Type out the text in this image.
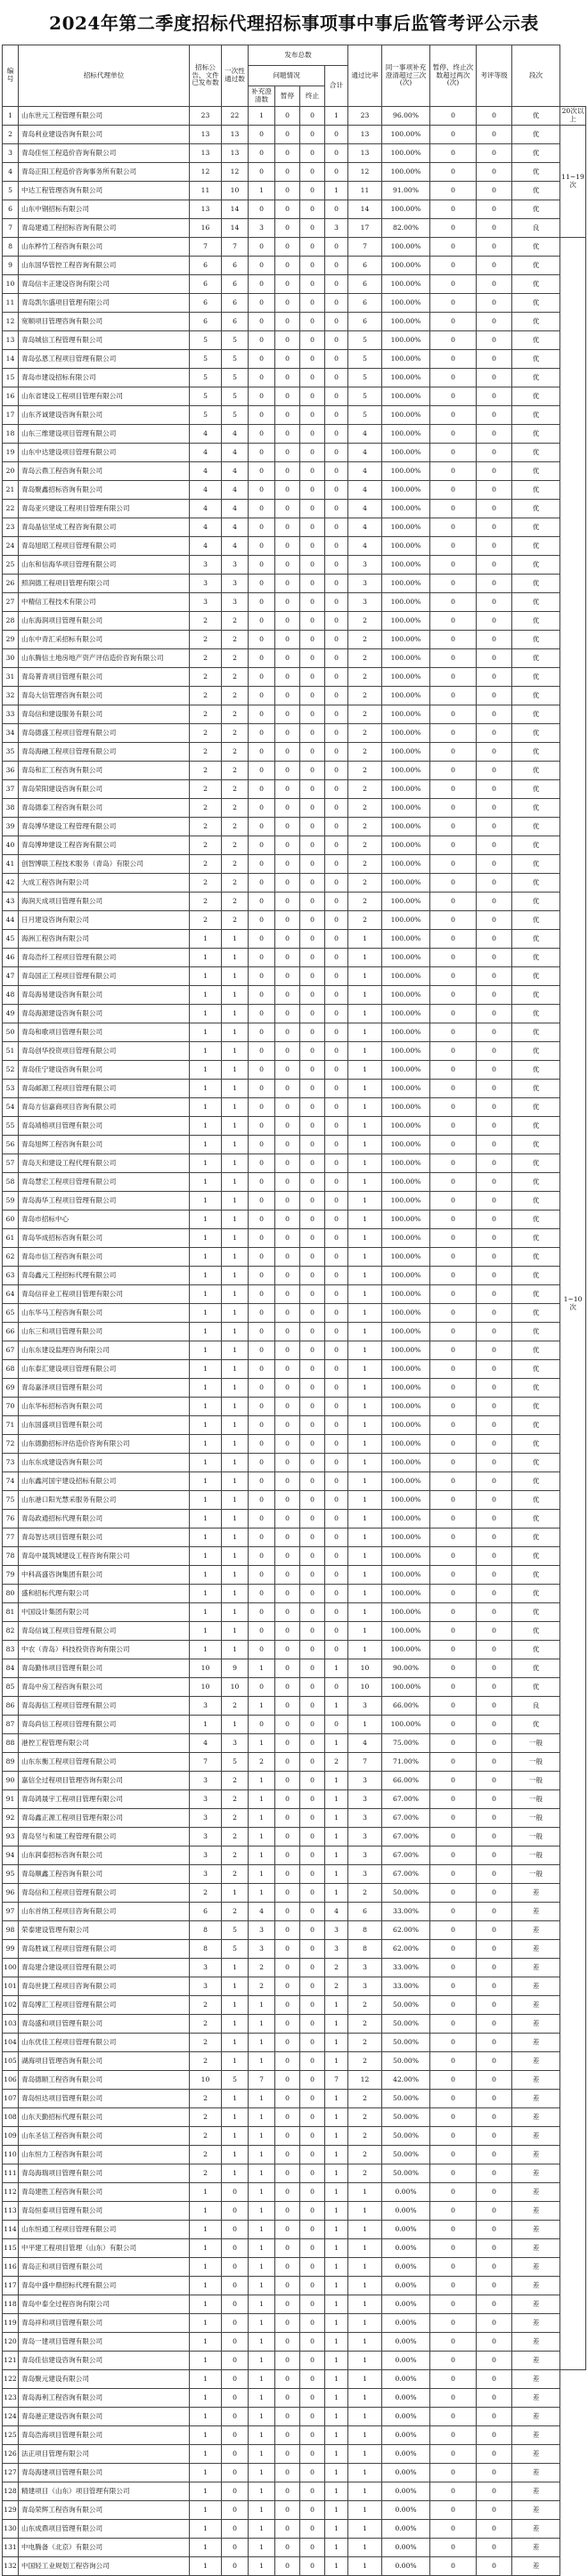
2024年第二季度招标代理招标事项事中事后监管考评公示表
编号	招标代理单位	招标公告、文件已发布数	一次性通过数	发布总数				通过比率	同一事项补充澄清超过三次(次)	暂停、终止次数超过两次(次)	考评等级	段次	
				问题情况			合计						
				补充澄清数	暂停	终止							
1	山东世元工程管理有限公司	23	22	1	0	0	1	23	96.00%	0	0	优	20次以上
2	青岛利业建设咨询有限公司	13	13	0	0	0	0	13	100.00%	0	0	优	11~19次
3	青岛佳恒工程造价咨询有限公司	13	13	0	0	0	0	13	100.00%	0	0	优	
4	青岛正阳工程造价咨询事务所有限公司	12	12	0	0	0	0	12	100.00%	0	0	优	
5	中达工程管理咨询有限公司	11	10	1	0	0	1	11	91.00%	0	0	优	
6	山东中钢招标有限公司	13	14	0	0	0	0	14	100.00%	0	0	优	
7	青岛建通工程招标咨询有限公司	16	14	3	0	0	3	17	82.00%	0	0	良	
8	山东桦竹工程咨询有限公司	7	7	0	0	0	0	7	100.00%	0	0	优	1~10次
9	山东国华管控工程咨询有限公司	6	6	0	0	0	0	6	100.00%	0	0	优	
10	青岛信丰正建设咨询有限公司	6	6	0	0	0	0	6	100.00%	0	0	优	
11	青岛凯尔盛项目管理有限公司	6	6	0	0	0	0	6	100.00%	0	0	优	
12	宽顺项目管理咨询有限公司	6	6	0	0	0	0	6	100.00%	0	0	优	
13	青岛城信工程管理有限公司	5	5	0	0	0	0	5	100.00%	0	0	优	
14	青岛弘恩工程项目管理有限公司	5	5	0	0	0	0	5	100.00%	0	0	优	
15	青岛市建设招标有限公司	5	5	0	0	0	0	5	100.00%	0	0	优	
16	山东省建设工程项目管理有限公司	5	5	0	0	0	0	5	100.00%	0	0	优	
17	山东齐诚建设咨询有限公司	5	5	0	0	0	0	5	100.00%	0	0	优	
18	山东三维建设项目管理有限公司	4	4	0	0	0	0	4	100.00%	0	0	优	
19	山东中达建设项目管理有限公司	4	4	0	0	0	0	4	100.00%	0	0	优	
20	青岛云鼎工程咨询有限公司	4	4	0	0	0	0	4	100.00%	0	0	优	
21	青岛聚鑫招标咨询有限公司	4	4	0	0	0	0	4	100.00%	0	0	优	
22	青岛亚兴建设工程项目管理有限公司	4	4	0	0	0	0	4	100.00%	0	0	优	
23	青岛晶信坚成工程咨询有限公司	4	4	0	0	0	0	4	100.00%	0	0	优	
24	青岛旭昭工程项目管理有限公司	4	4	0	0	0	0	4	100.00%	0	0	优	
25	山东和信海华项目管理有限公司	3	3	0	0	0	0	3	100.00%	0	0	优	
26	照润德工程项目管理有限公司	3	3	0	0	0	0	3	100.00%	0	0	优	
27	中精信工程技术有限公司	3	3	0	0	0	0	3	100.00%	0	0	优	
28	山东海润项目管理有限公司	2	2	0	0	0	0	2	100.00%	0	0	优	
29	山东中青汇采招标有限公司	2	2	0	0	0	0	2	100.00%	0	0	优	
30	山东腾信土地房地产资产评估造价咨询有限公司	2	2	0	0	0	0	2	100.00%	0	0	优	
31	青岛菁青项目管理有限公司	2	2	0	0	0	0	2	100.00%	0	0	优	
32	青岛大信管理咨询有限公司	2	2	0	0	0	0	2	100.00%	0	0	优	
33	青岛信和建设服务有限公司	2	2	0	0	0	0	2	100.00%	0	0	优	
34	青岛德盛工程项目管理有限公司	2	2	0	0	0	0	2	100.00%	0	0	优	
35	青岛海融工程项目管理有限公司	2	2	0	0	0	0	2	100.00%	0	0	优	
36	青岛和汇工程咨询有限公司	2	2	0	0	0	0	2	100.00%	0	0	优	
37	青岛荣阳建设咨询有限公司	2	2	0	0	0	0	2	100.00%	0	0	优	
38	青岛德泰工程咨询有限公司	2	2	0	0	0	0	2	100.00%	0	0	优	
39	青岛博华建设工程管理有限公司	2	2	0	0	0	0	2	100.00%	0	0	优	
40	青岛博坤建设工程咨询有限公司	2	2	0	0	0	0	2	100.00%	0	0	优	
41	创智博联工程技术服务（青岛）有限公司	2	2	0	0	0	0	2	100.00%	0	0	优	
42	大成工程咨询有限公司	2	2	0	0	0	0	2	100.00%	0	0	优	
43	海润天成项目管理有限公司	2	2	0	0	0	0	2	100.00%	0	0	优	
44	日月建设咨询有限公司	2	2	0	0	0	0	2	100.00%	0	0	优	
45	海洲工程咨询有限公司	1	1	0	0	0	0	1	100.00%	0	0	优	
46	青岛浩纤工程项目管理有限公司	1	1	0	0	0	0	1	100.00%	0	0	优	
47	青岛国正工程项目管理有限公司	1	1	0	0	0	0	1	100.00%	0	0	优	
48	青岛海易建设咨询有限公司	1	1	0	0	0	0	1	100.00%	0	0	优	
49	青岛海源建设咨询有限公司	1	1	0	0	0	0	1	100.00%	0	0	优	
50	青岛和歌项目管理有限公司	1	1	0	0	0	0	1	100.00%	0	0	优	
51	青岛创华投资项目管理有限公司	1	1	0	0	0	0	1	100.00%	0	0	优	
52	青岛佳宁建设咨询有限公司	1	1	0	0	0	0	1	100.00%	0	0	优	
53	青岛邮源工程项目管理有限公司	1	1	0	0	0	0	1	100.00%	0	0	优	
54	青岛方信嘉商项目咨询有限公司	1	1	0	0	0	0	1	100.00%	0	0	优	
55	青岛靖榕项目管理有限公司	1	1	0	0	0	0	1	100.00%	0	0	优	
56	青岛旭辉工程咨询有限公司	1	1	0	0	0	0	1	100.00%	0	0	优	
57	青岛天和建设工程代理有限公司	1	1	0	0	0	0	1	100.00%	0	0	优	
58	青岛慧宏工程项目管理有限公司	1	1	0	0	0	0	1	100.00%	0	0	优	
59	青岛海华工程项目管理有限公司	1	1	0	0	0	0	1	100.00%	0	0	优	
60	青岛市招标中心	1	1	0	0	0	0	1	100.00%	0	0	优	
61	青岛华成招标咨询有限公司	1	1	0	0	0	0	1	100.00%	0	0	优	
62	青岛市信工程咨询有限公司	1	1	0	0	0	0	1	100.00%	0	0	优	
63	青岛鑫元工程招标代理有限公司	1	1	0	0	0	0	1	100.00%	0	0	优	
64	青岛信祥业工程项目管理有限公司	1	1	0	0	0	0	1	100.00%	0	0	优	
65	山东华马工程咨询有限公司	1	1	0	0	0	0	1	100.00%	0	0	优	
66	山东三和项目管理有限公司	1	1	0	0	0	0	1	100.00%	0	0	优	
67	山东东建设监理咨询有限公司	1	1	0	0	0	0	1	100.00%	0	0	优	
68	山东泰汇建设项目管理有限公司	1	1	0	0	0	0	1	100.00%	0	0	优	
69	青岛嘉泽项目管理有限公司	1	1	0	0	0	0	1	100.00%	0	0	优	
70	山东华标招标咨询有限公司	1	1	0	0	0	0	1	100.00%	0	0	优	
71	山东国盛项目管理有限公司	1	1	0	0	0	0	1	100.00%	0	0	优	
72	山东德勤招标评估造价咨询有限公司	1	1	0	0	0	0	1	100.00%	0	0	优	
73	山东东成建设咨询有限公司	1	1	0	0	0	0	1	100.00%	0	0	优	
74	山东鑫河国宇建设招标有限公司	1	1	0	0	0	0	1	100.00%	0	0	优	
75	山东港口阳光慧采服务有限公司	1	1	0	0	0	0	1	100.00%	0	0	优	
76	青岛政通招标代理有限公司	1	1	0	0	0	0	1	100.00%	0	0	优	
77	青岛智达项目管理有限公司	1	1	0	0	0	0	1	100.00%	0	0	优	
78	青岛中晟筑城建设工程咨询有限公司	1	1	0	0	0	0	1	100.00%	0	0	优	
79	中科高盛咨询集团有限公司	1	1	0	0	0	0	1	100.00%	0	0	优	
80	盛和招标代理有限公司	1	1	0	0	0	0	1	100.00%	0	0	优	
81	中国设计集团有限公司	1	1	0	0	0	0	1	100.00%	0	0	优	
82	青岛信诚工程项目管理有限公司	1	1	0	0	0	0	1	100.00%	0	0	优	
83	中农（青岛）科技投资咨询有限公司	1	1	0	0	0	0	1	100.00%	0	0	优	
84	青岛勤伟项目管理有限公司	10	9	1	0	0	1	10	90.00%	0	0	优	
85	青岛中房工程咨询有限公司	10	10	0	0	0	0	10	100.00%	0	0	优	
86	青岛海信工程项目管理有限公司	3	2	1	0	0	1	3	66.00%	0	0	良	
87	青岛尚信工程项目管理有限公司	1	1	0	0	0	0	1	100.00%	0	0	优	
88	港控工程管理有限公司	4	3	1	0	0	1	4	75.00%	0	0	一般	
89	山东东衡工程项目管理有限公司	7	5	2	0	0	2	7	71.00%	0	0	一般	
90	嘉信全过程项目管理咨询有限公司	3	2	1	0	0	1	3	66.00%	0	0	一般	
91	青岛鸿晟宇工程项目管理有限公司	3	2	1	0	0	1	3	67.00%	0	0	一般	
92	青岛鑫正源工程项目管理有限公司	3	2	1	0	0	1	3	67.00%	0	0	一般	
93	青岛坚与和晟工程管理有限公司	3	2	1	0	0	1	3	67.00%	0	0	一般	
94	山东润泰招标咨询有限公司	3	2	1	0	0	1	3	67.00%	0	0	一般	
95	青岛顺鑫工程咨询有限公司	3	2	1	0	0	1	3	67.00%	0	0	一般	
96	青岛信和工程项目管理有限公司	2	1	1	0	0	1	2	50.00%	0	0	差	
97	山东首纳工程项目咨询有限公司	6	2	4	0	0	4	6	33.00%	0	0	差	
98	荣泰建设管理有限公司	8	5	3	0	0	3	8	62.00%	0	0	差	
99	青岛胜诚工程项目管理有限公司	8	5	3	0	0	3	8	62.00%	0	0	差	
100	青岛建合建设项目管理有限公司	3	1	2	0	0	2	3	33.00%	0	0	差	
101	青岛世捷工程项目咨询有限公司	3	1	2	0	0	2	3	33.00%	0	0	差	
102	青岛博汇工程项目管理有限公司	2	1	1	0	0	1	2	50.00%	0	0	差	
103	青岛盛和项目管理有限公司	2	1	1	0	0	1	2	50.00%	0	0	差	
104	山东优佳工程项目管理有限公司	2	1	1	0	0	1	2	50.00%	0	0	差	
105	湖海项目管理咨询有限公司	2	1	1	0	0	1	2	50.00%	0	0	差	
106	青岛德顺工程咨询有限公司	10	5	7	0	0	7	12	42.00%	0	0	差	
107	青岛恒达项目管理有限公司	2	1	1	0	0	1	2	50.00%	0	0	差	
108	山东天勤招标代理有限公司	2	1	1	0	0	1	2	50.00%	0	0	差	
109	山东圣信工程咨询有限公司	2	1	1	0	0	1	2	50.00%	0	0	差	
110	山东恒力工程咨询有限公司	2	1	1	0	0	1	2	50.00%	0	0	差	
111	青岛海瑞项目管理有限公司	2	1	1	0	0	1	2	50.00%	0	0	差	
112	青岛建胜工程咨询有限公司	1	0	1	0	0	1	1	0.00%	0	0	差	
113	青岛恒泰项目管理有限公司	1	0	1	0	0	1	1	0.00%	0	0	差	
114	山东恒通工程项目管理有限公司	1	0	1	0	0	1	1	0.00%	0	0	差	
115	中平建工程项目管理（山东）有限公司	1	0	1	0	0	1	1	0.00%	0	0	差	
116	青岛正和项目管理有限公司	1	0	1	0	0	1	1	0.00%	0	0	差	
117	青岛中盛中鼎招标代理有限公司	1	0	1	0	0	1	1	0.00%	0	0	差	
118	青岛中泰全过程咨询有限公司	1	0	1	0	0	1	1	0.00%	0	0	差	
119	青岛祥和项目管理有限公司	1	0	1	0	0	1	1	0.00%	0	0	差	
120	青岛一建项目管理有限公司	1	0	1	0	0	1	1	0.00%	0	0	差	
121	青岛佳信建设咨询有限公司	1	0	1	0	0	1	1	0.00%	0	0	差	
122	青岛聚元建设有限公司	1	0	1	0	0	1	1	0.00%	0	0	差	
123	青岛海利工程咨询有限公司	1	0	1	0	0	1	1	0.00%	0	0	差	
124	青岛港正建设咨询有限公司	1	0	1	0	0	1	1	0.00%	0	0	差	
125	青岛浩海项目管理有限公司	1	0	1	0	0	1	1	0.00%	0	0	差	
126	法正项目管理有限公司	1	0	1	0	0	1	1	0.00%	0	0	差	
127	青岛海建项目管理有限公司	1	0	1	0	0	1	1	0.00%	0	0	差	
128	精建项目（山东）项目管理有限公司	1	0	1	0	0	1	1	0.00%	0	0	差	
129	青岛荣辉工程咨询有限公司	1	0	1	0	0	1	1	0.00%	0	0	差	
130	山东成鼎项目管理有限公司	1	0	1	0	0	1	1	0.00%	0	0	差	
131	中电腾备（北京）有限公司	1	0	1	0	0	1	1	0.00%	0	0	差	
132	中国轻工业规划工程咨询公司	1	0	1	0	0	1	1	0.00%	0	0	差	
